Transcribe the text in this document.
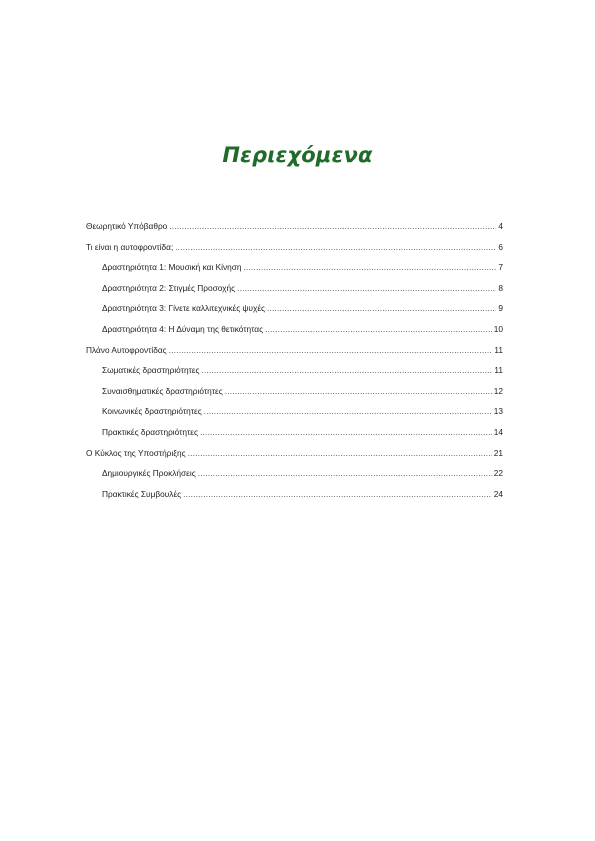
Περιεχόμενα
Θεωρητικό Υπόβαθρο .....	4
Τι είναι η αυτοφροντίδα; .....	6
Δραστηριότητα 1: Μουσική και Κίνηση .....	7
Δραστηριότητα 2: Στιγμές Προσοχής .....	8
Δραστηριότητα 3: Γίνετε καλλιτεχνικές ψυχές .....	9
Δραστηριότητα 4: Η Δύναμη της θετικότητας .....	10
Πλάνο Αυτοφροντίδας .....	11
Σωματικές δραστηριότητες .....	11
Συναισθηματικές δραστηριότητες .....	12
Κοινωνικές δραστηριότητες .....	13
Πρακτικές δραστηριότητες .....	14
Ο Κύκλος της Υποστήριξης .....	21
Δημιουργικές Προκλήσεις .....	22
Πρακτικές Συμβουλές .....	24
